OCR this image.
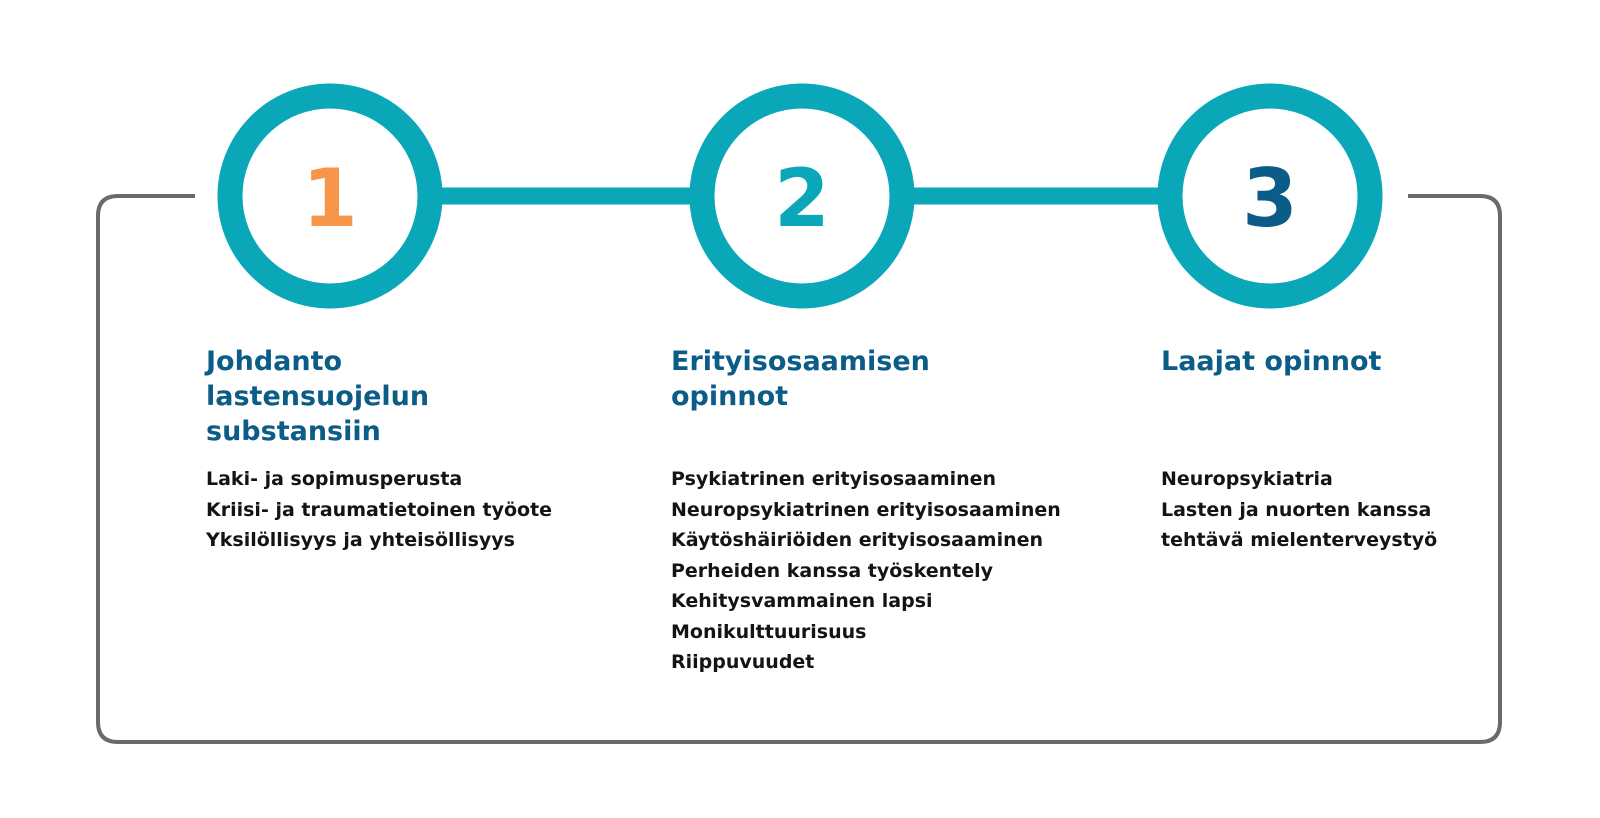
1	2	3
Johdanto
lastensuojelun
substansiin
Laki- ja sopimusperusta
Kriisi- ja traumatietoinen työote
Yksilöllisyys ja yhteisöllisyys
Erityisosaamisen
opinnot
Psykiatrinen erityisosaaminen
Neuropsykiatrinen erityisosaaminen
Käytöshäiriöiden erityisosaaminen
Perheiden kanssa työskentely
Kehitysvammainen lapsi
Monikulttuurisuus
Riippuvuudet
Laajat opinnot
Neuropsykiatria
Lasten ja nuorten kanssa
tehtävä mielenterveystyö
